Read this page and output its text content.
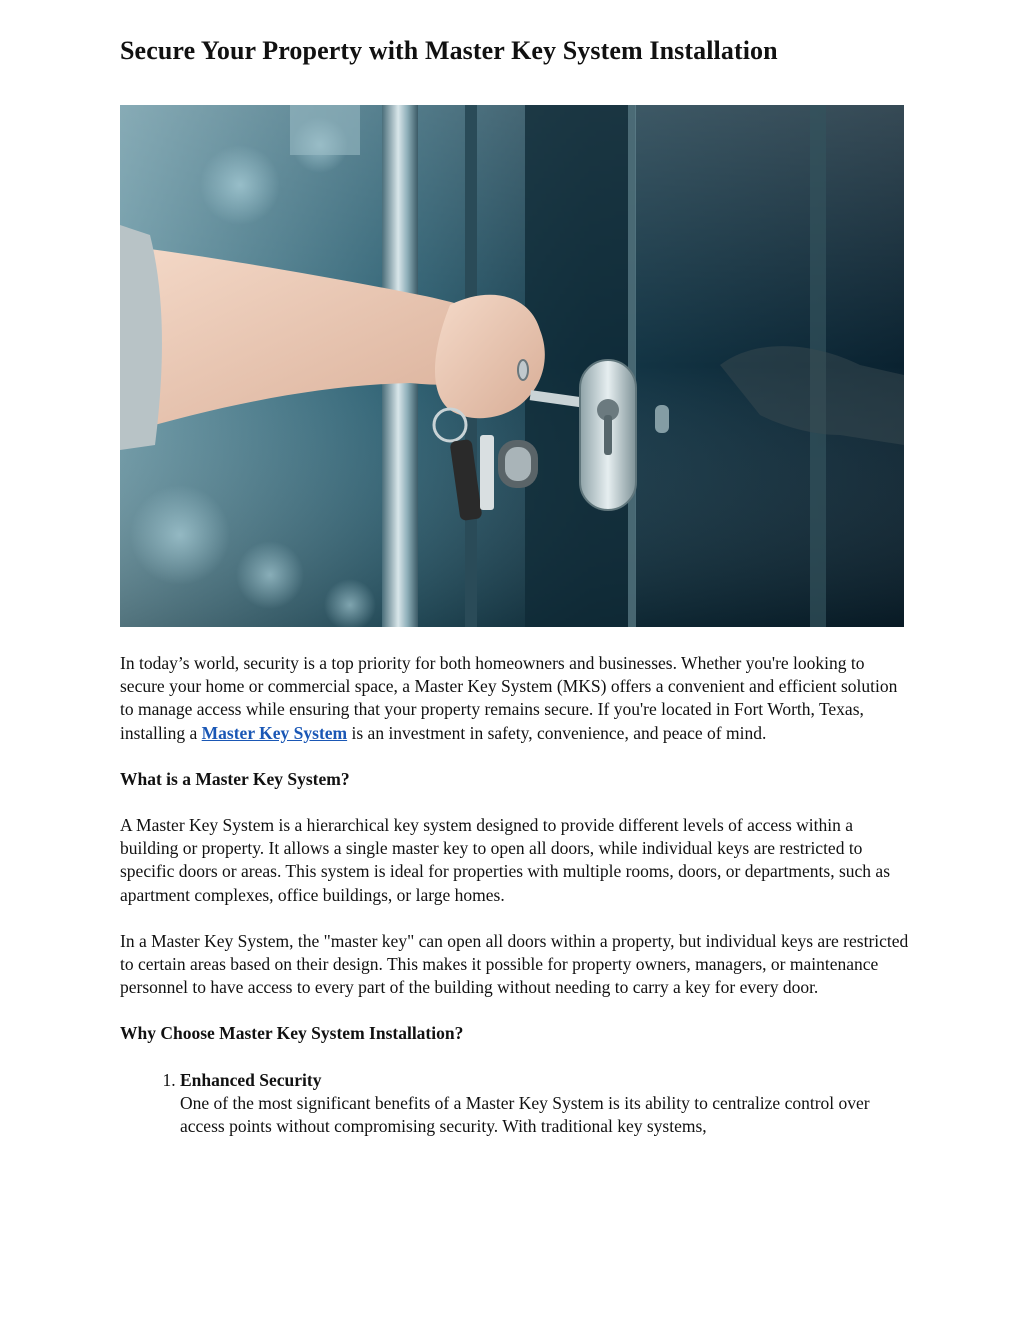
Secure Your Property with Master Key System Installation

In today’s world, security is a top priority for both homeowners and businesses. Whether you're looking to secure your home or commercial space, a Master Key System (MKS) offers a convenient and efficient solution to manage access while ensuring that your property remains secure. If you're located in Fort Worth, Texas, installing a Master Key System is an investment in safety, convenience, and peace of mind.

What is a Master Key System?

A Master Key System is a hierarchical key system designed to provide different levels of access within a building or property. It allows a single master key to open all doors, while individual keys are restricted to specific doors or areas. This system is ideal for properties with multiple rooms, doors, or departments, such as apartment complexes, office buildings, or large homes.

In a Master Key System, the "master key" can open all doors within a property, but individual keys are restricted to certain areas based on their design. This makes it possible for property owners, managers, or maintenance personnel to have access to every part of the building without needing to carry a key for every door.

Why Choose Master Key System Installation?
1. Enhanced Security
One of the most significant benefits of a Master Key System is its ability to centralize control over access points without compromising security. With traditional key systems,
